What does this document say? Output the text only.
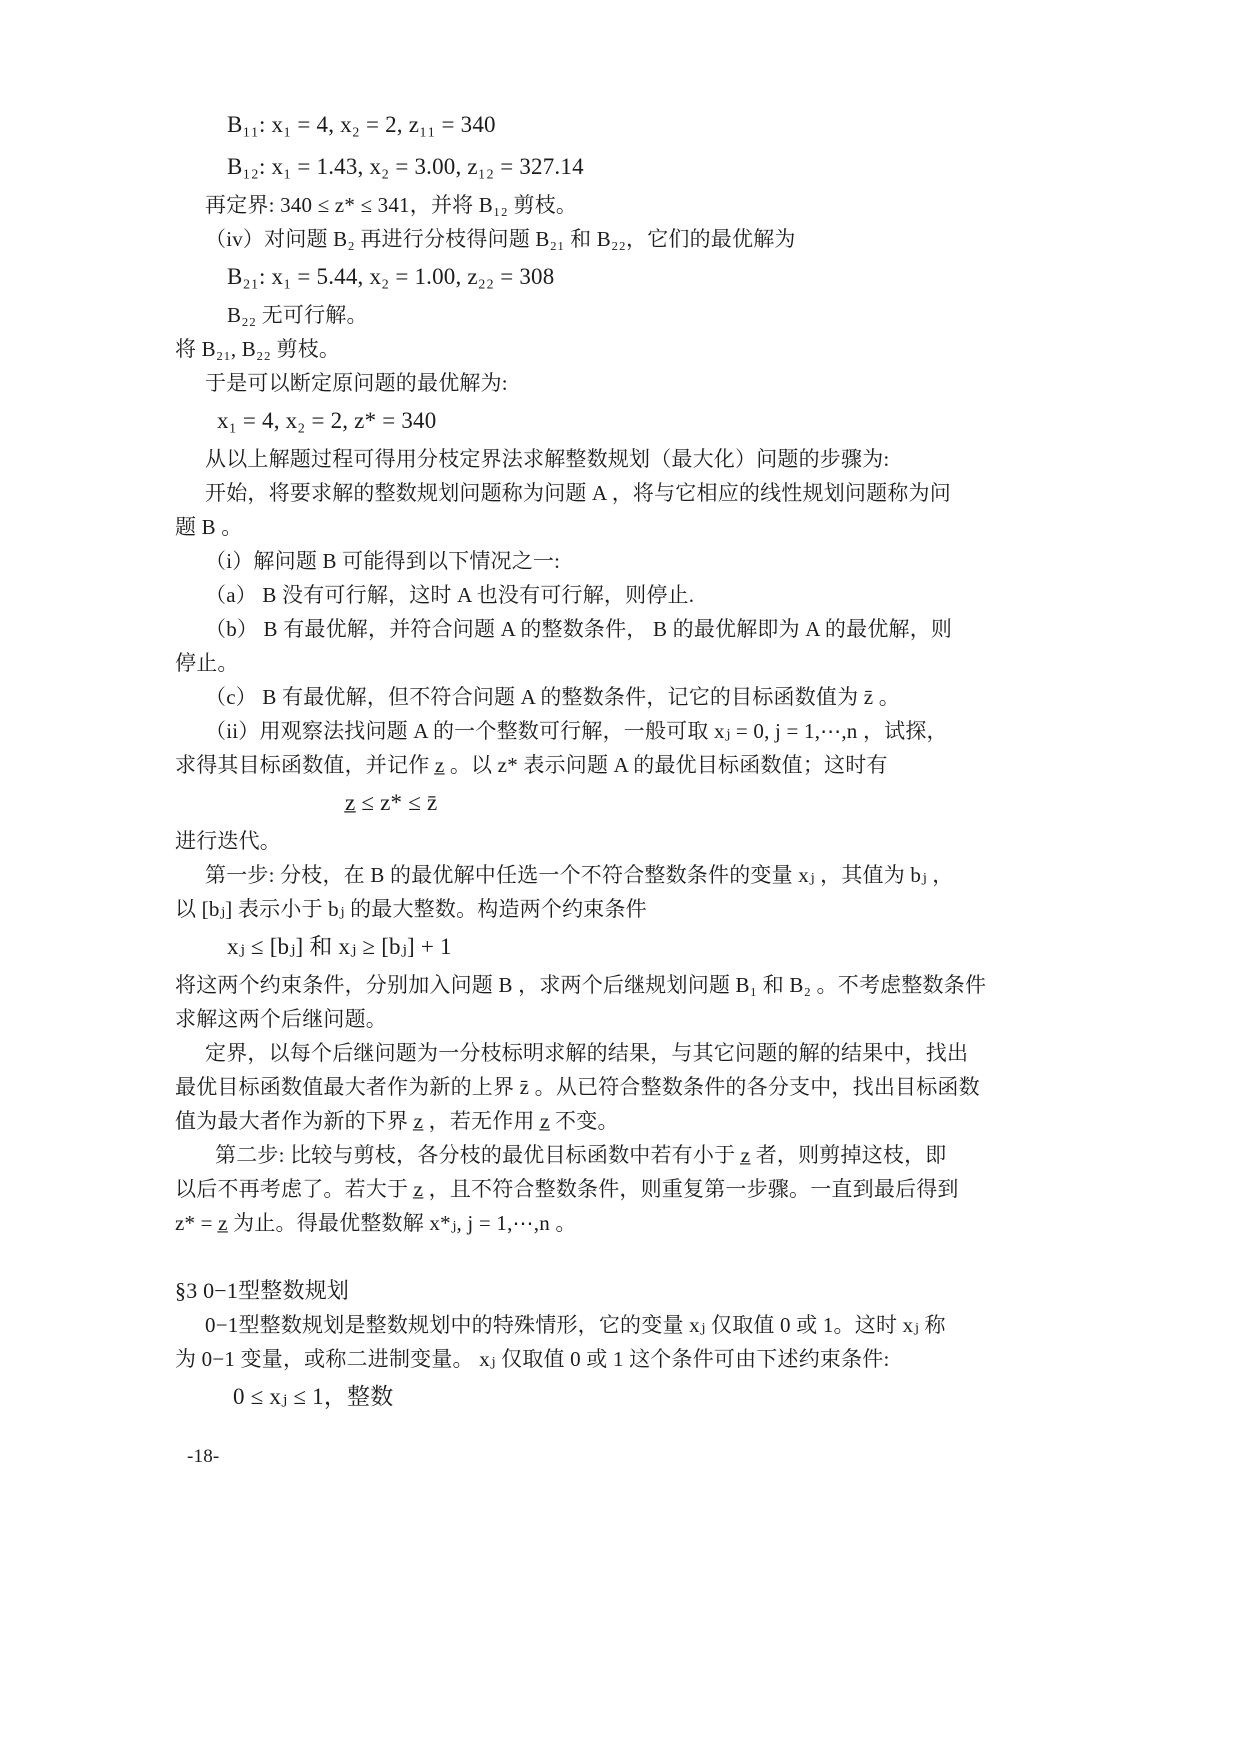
B₁₁: x₁ = 4, x₂ = 2, z₁₁ = 340
B₁₂: x₁ = 1.43, x₂ = 3.00, z₁₂ = 327.14
再定界: 340 ≤ z* ≤ 341，并将 B₁₂ 剪枝。
（iv）对问题 B₂ 再进行分枝得问题 B₂₁ 和 B₂₂，它们的最优解为
B₂₁: x₁ = 5.44, x₂ = 1.00, z₂₂ = 308
B₂₂ 无可行解。
将 B₂₁, B₂₂ 剪枝。
于是可以断定原问题的最优解为:
x₁ = 4, x₂ = 2, z* = 340
从以上解题过程可得用分枝定界法求解整数规划（最大化）问题的步骤为:
开始，将要求解的整数规划问题称为问题 A ，将与它相应的线性规划问题称为问
题 B 。
（i）解问题 B 可能得到以下情况之一:
（a） B 没有可行解，这时 A 也没有可行解，则停止.
（b） B 有最优解，并符合问题 A 的整数条件， B 的最优解即为 A 的最优解，则
停止。
（c） B 有最优解，但不符合问题 A 的整数条件，记它的目标函数值为 z̄ 。
（ii）用观察法找问题 A 的一个整数可行解，一般可取 xⱼ = 0, j = 1,⋯,n ，试探，
求得其目标函数值，并记作 z̲ 。以 z* 表示问题 A 的最优目标函数值；这时有
z̲ ≤ z* ≤ z̄
进行迭代。
第一步: 分枝，在 B 的最优解中任选一个不符合整数条件的变量 xⱼ ，其值为 bⱼ ，
以 [bⱼ] 表示小于 bⱼ 的最大整数。构造两个约束条件
xⱼ ≤ [bⱼ] 和 xⱼ ≥ [bⱼ] + 1
将这两个约束条件，分别加入问题 B ，求两个后继规划问题 B₁ 和 B₂ 。不考虑整数条件
求解这两个后继问题。
定界，以每个后继问题为一分枝标明求解的结果，与其它问题的解的结果中，找出
最优目标函数值最大者作为新的上界 z̄ 。从已符合整数条件的各分支中，找出目标函数
值为最大者作为新的下界 z̲ ，若无作用 z̲ 不变。
第二步: 比较与剪枝，各分枝的最优目标函数中若有小于 z̲ 者，则剪掉这枝，即
以后不再考虑了。若大于 z̲ ，且不符合整数条件，则重复第一步骤。一直到最后得到
z* = z̲ 为止。得最优整数解 x*ⱼ, j = 1,⋯,n 。
§3 0−1型整数规划
0−1型整数规划是整数规划中的特殊情形，它的变量 xⱼ 仅取值 0 或 1。这时 xⱼ 称
为 0−1 变量，或称二进制变量。 xⱼ 仅取值 0 或 1 这个条件可由下述约束条件:
0 ≤ xⱼ ≤ 1，整数
-18-
